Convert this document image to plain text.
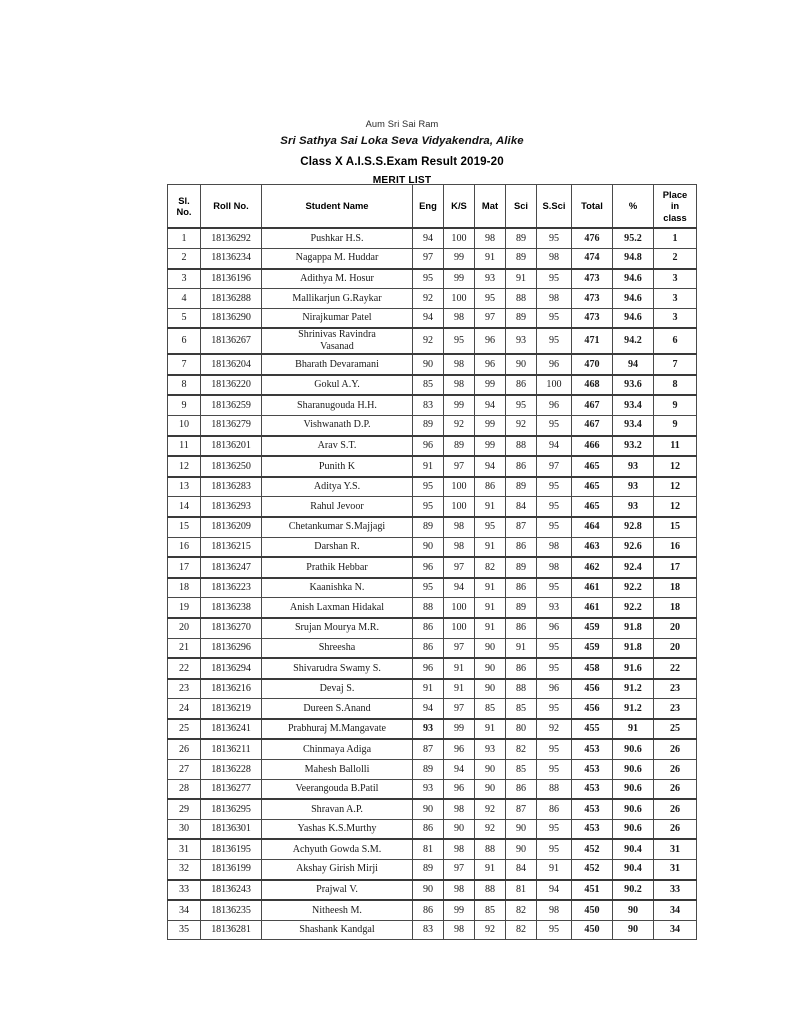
Aum Sri Sai Ram
Sri Sathya Sai Loka Seva Vidyakendra, Alike
Class X A.I.S.S.Exam Result 2019-20
MERIT LIST
Sl.
No.	Roll No.	Student Name	Eng	K/S	Mat	Sci	S.Sci	Total	%	Place
in
class
1	18136292	Pushkar H.S.	94	100	98	89	95	476	95.2	1
2	18136234	Nagappa M. Huddar	97	99	91	89	98	474	94.8	2
3	18136196	Adithya M. Hosur	95	99	93	91	95	473	94.6	3
4	18136288	Mallikarjun G.Raykar	92	100	95	88	98	473	94.6	3
5	18136290	Nirajkumar Patel	94	98	97	89	95	473	94.6	3
6	18136267	Shrinivas Ravindra
Vasanad	92	95	96	93	95	471	94.2	6
7	18136204	Bharath Devaramani	90	98	96	90	96	470	94	7
8	18136220	Gokul A.Y.	85	98	99	86	100	468	93.6	8
9	18136259	Sharanugouda H.H.	83	99	94	95	96	467	93.4	9
10	18136279	Vishwanath D.P.	89	92	99	92	95	467	93.4	9
11	18136201	Arav S.T.	96	89	99	88	94	466	93.2	11
12	18136250	Punith K	91	97	94	86	97	465	93	12
13	18136283	Aditya Y.S.	95	100	86	89	95	465	93	12
14	18136293	Rahul Jevoor	95	100	91	84	95	465	93	12
15	18136209	Chetankumar S.Majjagi	89	98	95	87	95	464	92.8	15
16	18136215	Darshan R.	90	98	91	86	98	463	92.6	16
17	18136247	Prathik Hebbar	96	97	82	89	98	462	92.4	17
18	18136223	Kaanishka N.	95	94	91	86	95	461	92.2	18
19	18136238	Anish Laxman Hidakal	88	100	91	89	93	461	92.2	18
20	18136270	Srujan Mourya M.R.	86	100	91	86	96	459	91.8	20
21	18136296	Shreesha	86	97	90	91	95	459	91.8	20
22	18136294	Shivarudra Swamy S.	96	91	90	86	95	458	91.6	22
23	18136216	Devaj S.	91	91	90	88	96	456	91.2	23
24	18136219	Dureen S.Anand	94	97	85	85	95	456	91.2	23
25	18136241	Prabhuraj M.Mangavate	93	99	91	80	92	455	91	25
26	18136211	Chinmaya Adiga	87	96	93	82	95	453	90.6	26
27	18136228	Mahesh Ballolli	89	94	90	85	95	453	90.6	26
28	18136277	Veerangouda B.Patil	93	96	90	86	88	453	90.6	26
29	18136295	Shravan A.P.	90	98	92	87	86	453	90.6	26
30	18136301	Yashas K.S.Murthy	86	90	92	90	95	453	90.6	26
31	18136195	Achyuth Gowda S.M.	81	98	88	90	95	452	90.4	31
32	18136199	Akshay Girish Mirji	89	97	91	84	91	452	90.4	31
33	18136243	Prajwal V.	90	98	88	81	94	451	90.2	33
34	18136235	Nitheesh M.	86	99	85	82	98	450	90	34
35	18136281	Shashank Kandgal	83	98	92	82	95	450	90	34
